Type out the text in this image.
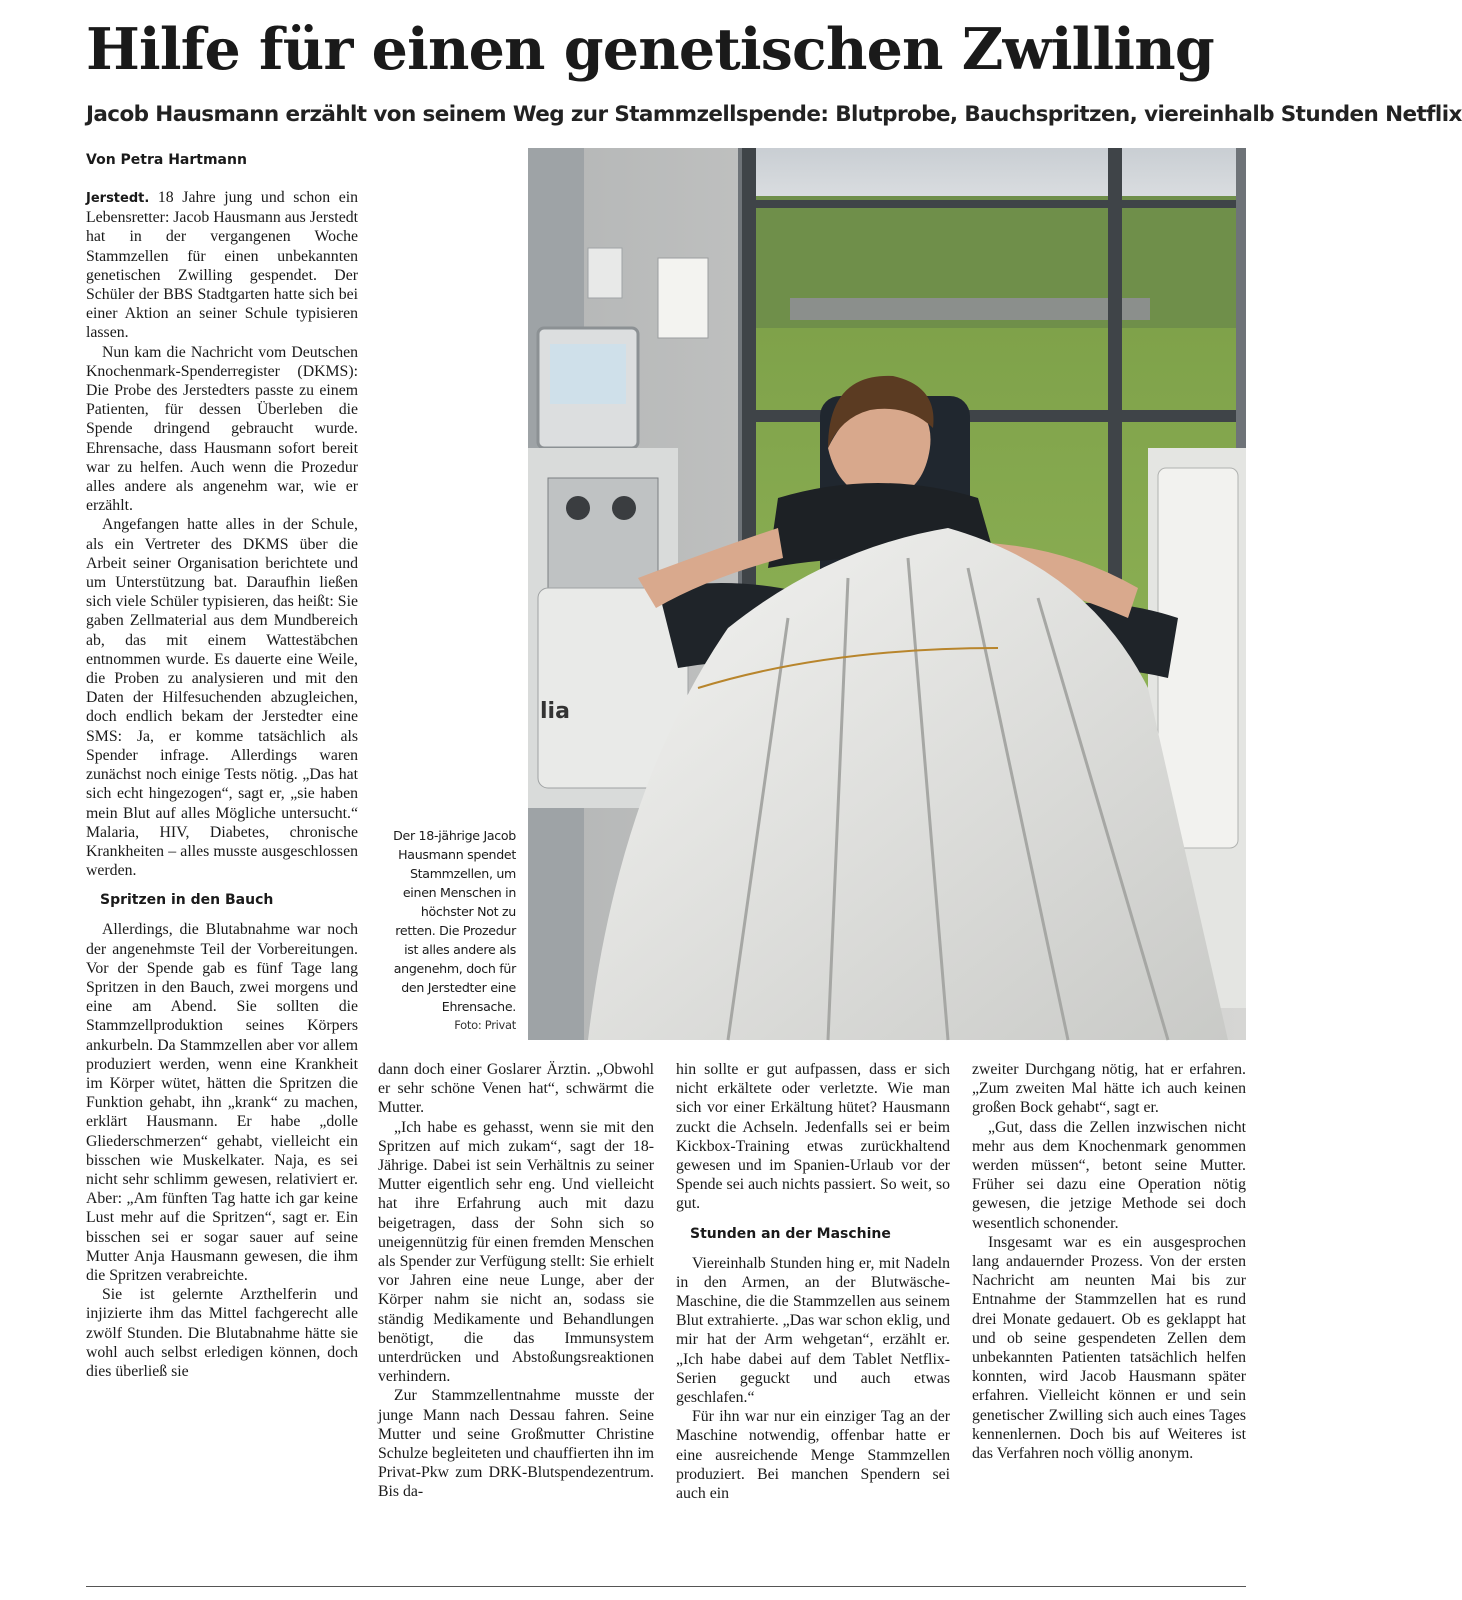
Hilfe für einen genetischen Zwilling
Jacob Hausmann erzählt von seinem Weg zur Stammzellspende: Blutprobe, Bauchspritzen, viereinhalb Stunden Netflix
Von Petra Hartmann

Jerstedt. 18 Jahre jung und schon ein Lebensretter: Jacob Hausmann aus Jerstedt hat in der vergangenen Woche Stammzellen für einen unbekannten genetischen Zwilling gespendet. Der Schüler der BBS Stadtgarten hatte sich bei einer Aktion an seiner Schule typisieren lassen.

Nun kam die Nachricht vom Deutschen Knochenmark-Spenderregister (DKMS): Die Probe des Jerstedters passte zu einem Patienten, für dessen Überleben die Spende dringend gebraucht wurde. Ehrensache, dass Hausmann sofort bereit war zu helfen. Auch wenn die Prozedur alles andere als angenehm war, wie er erzählt.

Angefangen hatte alles in der Schule, als ein Vertreter des DKMS über die Arbeit seiner Organisation berichtete und um Unterstützung bat. Daraufhin ließen sich viele Schüler typisieren, das heißt: Sie gaben Zellmaterial aus dem Mundbereich ab, das mit einem Wattestäbchen entnommen wurde. Es dauerte eine Weile, die Proben zu analysieren und mit den Daten der Hilfesuchenden abzugleichen, doch endlich bekam der Jerstedter eine SMS: Ja, er komme tatsächlich als Spender infrage. Allerdings waren zunächst noch einige Tests nötig. „Das hat sich echt hingezogen“, sagt er, „sie haben mein Blut auf alles Mögliche untersucht.“ Malaria, HIV, Diabetes, chronische Krankheiten – alles musste ausgeschlossen werden.

Spritzen in den Bauch

Allerdings, die Blutabnahme war noch der angenehmste Teil der Vorbereitungen. Vor der Spende gab es fünf Tage lang Spritzen in den Bauch, zwei morgens und eine am Abend. Sie sollten die Stammzellproduktion seines Körpers ankurbeln. Da Stammzellen aber vor allem produziert werden, wenn eine Krankheit im Körper wütet, hätten die Spritzen die Funktion gehabt, ihn „krank“ zu machen, erklärt Hausmann. Er habe „dolle Gliederschmerzen“ gehabt, vielleicht ein bisschen wie Muskelkater. Naja, es sei nicht sehr schlimm gewesen, relativiert er. Aber: „Am fünften Tag hatte ich gar keine Lust mehr auf die Spritzen“, sagt er. Ein bisschen sei er sogar sauer auf seine Mutter Anja Hausmann gewesen, die ihm die Spritzen verabreichte.

Sie ist gelernte Arzthelferin und injizierte ihm das Mittel fachgerecht alle zwölf Stunden. Die Blutabnahme hätte sie wohl auch selbst erledigen können, doch dies überließ sie

Der 18-jährige Jacob Hausmann spendet Stammzellen, um einen Menschen in höchster Not zu retten. Die Prozedur ist alles andere als angenehm, doch für den Jerstedter eine Ehrensache.
Foto: Privat
lia

dann doch einer Goslarer Ärztin. „Obwohl er sehr schöne Venen hat“, schwärmt die Mutter.

„Ich habe es gehasst, wenn sie mit den Spritzen auf mich zukam“, sagt der 18-Jährige. Dabei ist sein Verhältnis zu seiner Mutter eigentlich sehr eng. Und vielleicht hat ihre Erfahrung auch mit dazu beigetragen, dass der Sohn sich so uneigennützig für einen fremden Menschen als Spender zur Verfügung stellt: Sie erhielt vor Jahren eine neue Lunge, aber der Körper nahm sie nicht an, sodass sie ständig Medikamente und Behandlungen benötigt, die das Immunsystem unterdrücken und Abstoßungsreaktionen verhindern.

Zur Stammzellentnahme musste der junge Mann nach Dessau fahren. Seine Mutter und seine Großmutter Christine Schulze begleiteten und chauffierten ihn im Privat-Pkw zum DRK-Blutspendezentrum. Bis da-

hin sollte er gut aufpassen, dass er sich nicht erkältete oder verletzte. Wie man sich vor einer Erkältung hütet? Hausmann zuckt die Achseln. Jedenfalls sei er beim Kickbox-Training etwas zurückhaltend gewesen und im Spanien-Urlaub vor der Spende sei auch nichts passiert. So weit, so gut.

Stunden an der Maschine

Viereinhalb Stunden hing er, mit Nadeln in den Armen, an der Blutwäsche-Maschine, die die Stammzellen aus seinem Blut extrahierte. „Das war schon eklig, und mir hat der Arm wehgetan“, erzählt er. „Ich habe dabei auf dem Tablet Netflix-Serien geguckt und auch etwas geschlafen.“

Für ihn war nur ein einziger Tag an der Maschine notwendig, offenbar hatte er eine ausreichende Menge Stammzellen produziert. Bei manchen Spendern sei auch ein

zweiter Durchgang nötig, hat er erfahren. „Zum zweiten Mal hätte ich auch keinen großen Bock gehabt“, sagt er.

„Gut, dass die Zellen inzwischen nicht mehr aus dem Knochenmark genommen werden müssen“, betont seine Mutter. Früher sei dazu eine Operation nötig gewesen, die jetzige Methode sei doch wesentlich schonender.

Insgesamt war es ein ausgesprochen lang andauernder Prozess. Von der ersten Nachricht am neunten Mai bis zur Entnahme der Stammzellen hat es rund drei Monate gedauert. Ob es geklappt hat und ob seine gespendeten Zellen dem unbekannten Patienten tatsächlich helfen konnten, wird Jacob Hausmann später erfahren. Vielleicht können er und sein genetischer Zwilling sich auch eines Tages kennenlernen. Doch bis auf Weiteres ist das Verfahren noch völlig anonym.
